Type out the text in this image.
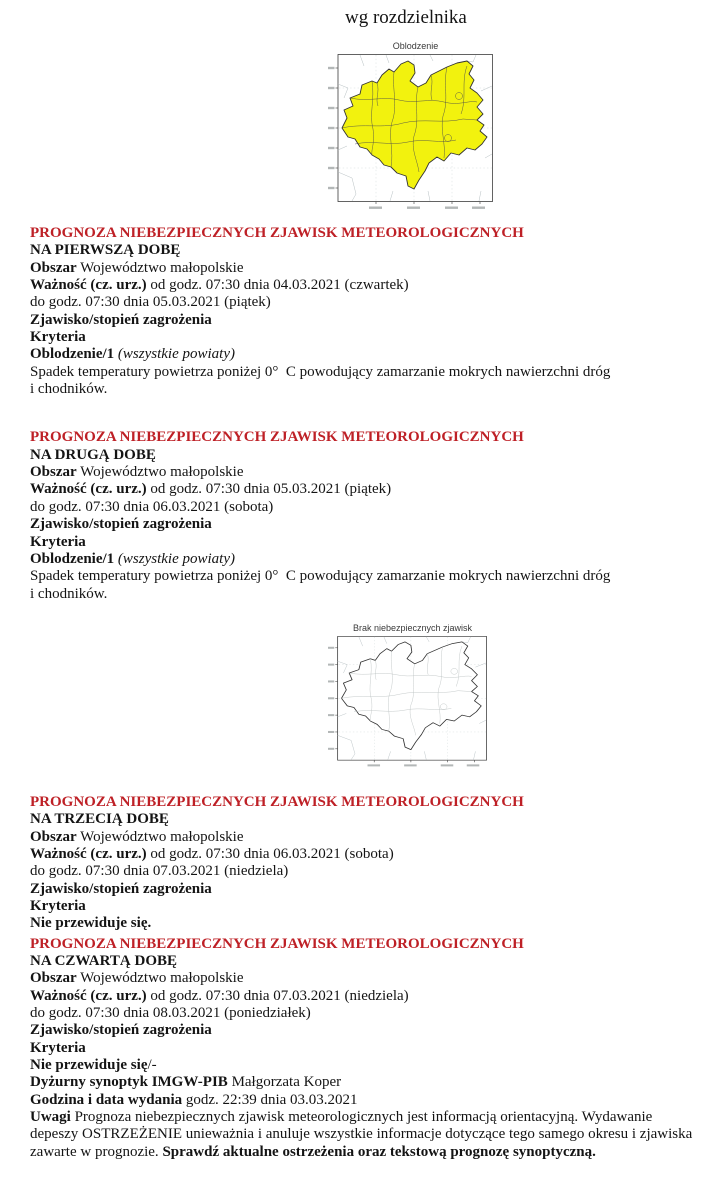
wg rozdzielnika

Oblodzenie
PROGNOZA NIEBEZPIECZNYCH ZJAWISK METEOROLOGICZNYCH
NA PIERWSZĄ DOBĘ

Obszar Województwo małopolskie

Ważność (cz. urz.) od godz. 07:30 dnia 04.03.2021 (czwartek)

do godz. 07:30 dnia 05.03.2021 (piątek)

Zjawisko/stopień zagrożenia

Kryteria

Oblodzenie/1 (wszystkie powiaty)

Spadek temperatury powietrza poniżej 0°  C powodujący zamarzanie mokrych nawierzchni dróg

i chodników.

PROGNOZA NIEBEZPIECZNYCH ZJAWISK METEOROLOGICZNYCH
NA DRUGĄ DOBĘ

Obszar Województwo małopolskie

Ważność (cz. urz.) od godz. 07:30 dnia 05.03.2021 (piątek)

do godz. 07:30 dnia 06.03.2021 (sobota)

Zjawisko/stopień zagrożenia

Kryteria

Oblodzenie/1 (wszystkie powiaty)

Spadek temperatury powietrza poniżej 0°  C powodujący zamarzanie mokrych nawierzchni dróg

i chodników.

Brak niebezpiecznych zjawisk
PROGNOZA NIEBEZPIECZNYCH ZJAWISK METEOROLOGICZNYCH
NA TRZECIĄ DOBĘ

Obszar Województwo małopolskie

Ważność (cz. urz.) od godz. 07:30 dnia 06.03.2021 (sobota)

do godz. 07:30 dnia 07.03.2021 (niedziela)

Zjawisko/stopień zagrożenia

Kryteria

Nie przewiduje się.

PROGNOZA NIEBEZPIECZNYCH ZJAWISK METEOROLOGICZNYCH
NA CZWARTĄ DOBĘ

Obszar Województwo małopolskie

Ważność (cz. urz.) od godz. 07:30 dnia 07.03.2021 (niedziela)

do godz. 07:30 dnia 08.03.2021 (poniedziałek)

Zjawisko/stopień zagrożenia

Kryteria

Nie przewiduje się/-

Dyżurny synoptyk IMGW-PIB Małgorzata Koper

Godzina i data wydania godz. 22:39 dnia 03.03.2021

Uwagi Prognoza niebezpiecznych zjawisk meteorologicznych jest informacją orientacyjną. Wydawanie depeszy OSTRZEŻENIE unieważnia i anuluje wszystkie informacje dotyczące tego samego okresu i zjawiska zawarte w prognozie. Sprawdź aktualne ostrzeżenia oraz tekstową prognozę synoptyczną.
